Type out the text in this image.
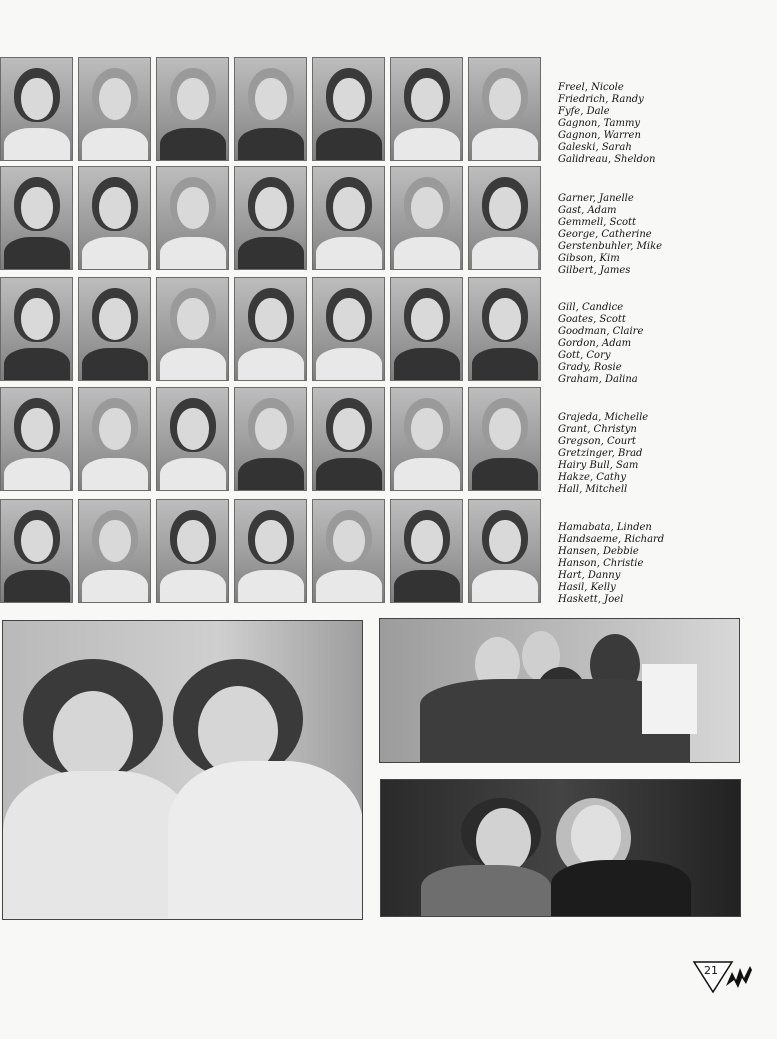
Freel, Nicole
Friedrich, Randy
Fyfe, Dale
Gagnon, Tammy
Gagnon, Warren
Galeski, Sarah
Galidreau, Sheldon
Garner, Janelle
Gast, Adam
Gemmell, Scott
George, Catherine
Gerstenbuhler, Mike
Gibson, Kim
Gilbert, James
Gill, Candice
Goates, Scott
Goodman, Claire
Gordon, Adam
Gott, Cory
Grady, Rosie
Graham, Dalina
Grajeda, Michelle
Grant, Christyn
Gregson, Court
Gretzinger, Brad
Hairy Bull, Sam
Hakze, Cathy
Hall, Mitchell
Hamabata, Linden
Handsaeme, Richard
Hansen, Debbie
Hanson, Christie
Hart, Danny
Hasil, Kelly
Haskett, Joel
21
